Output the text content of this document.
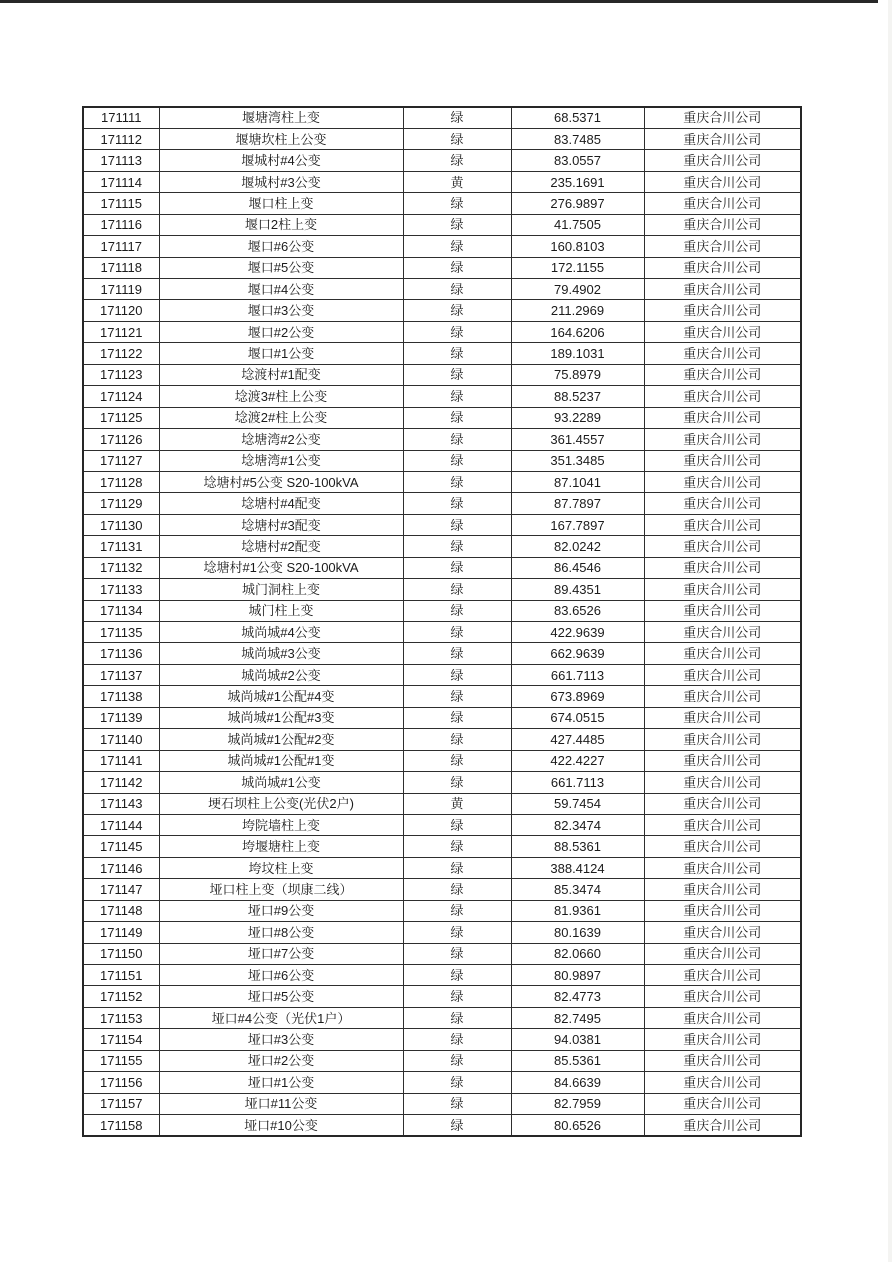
171111	堰塘湾柱上变	绿	68.5371	重庆合川公司
171112	堰塘坎柱上公变	绿	83.7485	重庆合川公司
171113	堰城村#4公变	绿	83.0557	重庆合川公司
171114	堰城村#3公变	黄	235.1691	重庆合川公司
171115	堰口柱上变	绿	276.9897	重庆合川公司
171116	堰口2柱上变	绿	41.7505	重庆合川公司
171117	堰口#6公变	绿	160.8103	重庆合川公司
171118	堰口#5公变	绿	172.1155	重庆合川公司
171119	堰口#4公变	绿	79.4902	重庆合川公司
171120	堰口#3公变	绿	211.2969	重庆合川公司
171121	堰口#2公变	绿	164.6206	重庆合川公司
171122	堰口#1公变	绿	189.1031	重庆合川公司
171123	埝渡村#1配变	绿	75.8979	重庆合川公司
171124	埝渡3#柱上公变	绿	88.5237	重庆合川公司
171125	埝渡2#柱上公变	绿	93.2289	重庆合川公司
171126	埝塘湾#2公变	绿	361.4557	重庆合川公司
171127	埝塘湾#1公变	绿	351.3485	重庆合川公司
171128	埝塘村#5公变 S20-100kVA	绿	87.1041	重庆合川公司
171129	埝塘村#4配变	绿	87.7897	重庆合川公司
171130	埝塘村#3配变	绿	167.7897	重庆合川公司
171131	埝塘村#2配变	绿	82.0242	重庆合川公司
171132	埝塘村#1公变 S20-100kVA	绿	86.4546	重庆合川公司
171133	城门洞柱上变	绿	89.4351	重庆合川公司
171134	城门柱上变	绿	83.6526	重庆合川公司
171135	城尚城#4公变	绿	422.9639	重庆合川公司
171136	城尚城#3公变	绿	662.9639	重庆合川公司
171137	城尚城#2公变	绿	661.7113	重庆合川公司
171138	城尚城#1公配#4变	绿	673.8969	重庆合川公司
171139	城尚城#1公配#3变	绿	674.0515	重庆合川公司
171140	城尚城#1公配#2变	绿	427.4485	重庆合川公司
171141	城尚城#1公配#1变	绿	422.4227	重庆合川公司
171142	城尚城#1公变	绿	661.7113	重庆合川公司
171143	埂石坝柱上公变(光伏2户)	黄	59.7454	重庆合川公司
171144	垮院墙柱上变	绿	82.3474	重庆合川公司
171145	垮堰塘柱上变	绿	88.5361	重庆合川公司
171146	垮坟柱上变	绿	388.4124	重庆合川公司
171147	垭口柱上变（坝康二线）	绿	85.3474	重庆合川公司
171148	垭口#9公变	绿	81.9361	重庆合川公司
171149	垭口#8公变	绿	80.1639	重庆合川公司
171150	垭口#7公变	绿	82.0660	重庆合川公司
171151	垭口#6公变	绿	80.9897	重庆合川公司
171152	垭口#5公变	绿	82.4773	重庆合川公司
171153	垭口#4公变（光伏1户）	绿	82.7495	重庆合川公司
171154	垭口#3公变	绿	94.0381	重庆合川公司
171155	垭口#2公变	绿	85.5361	重庆合川公司
171156	垭口#1公变	绿	84.6639	重庆合川公司
171157	垭口#11公变	绿	82.7959	重庆合川公司
171158	垭口#10公变	绿	80.6526	重庆合川公司
